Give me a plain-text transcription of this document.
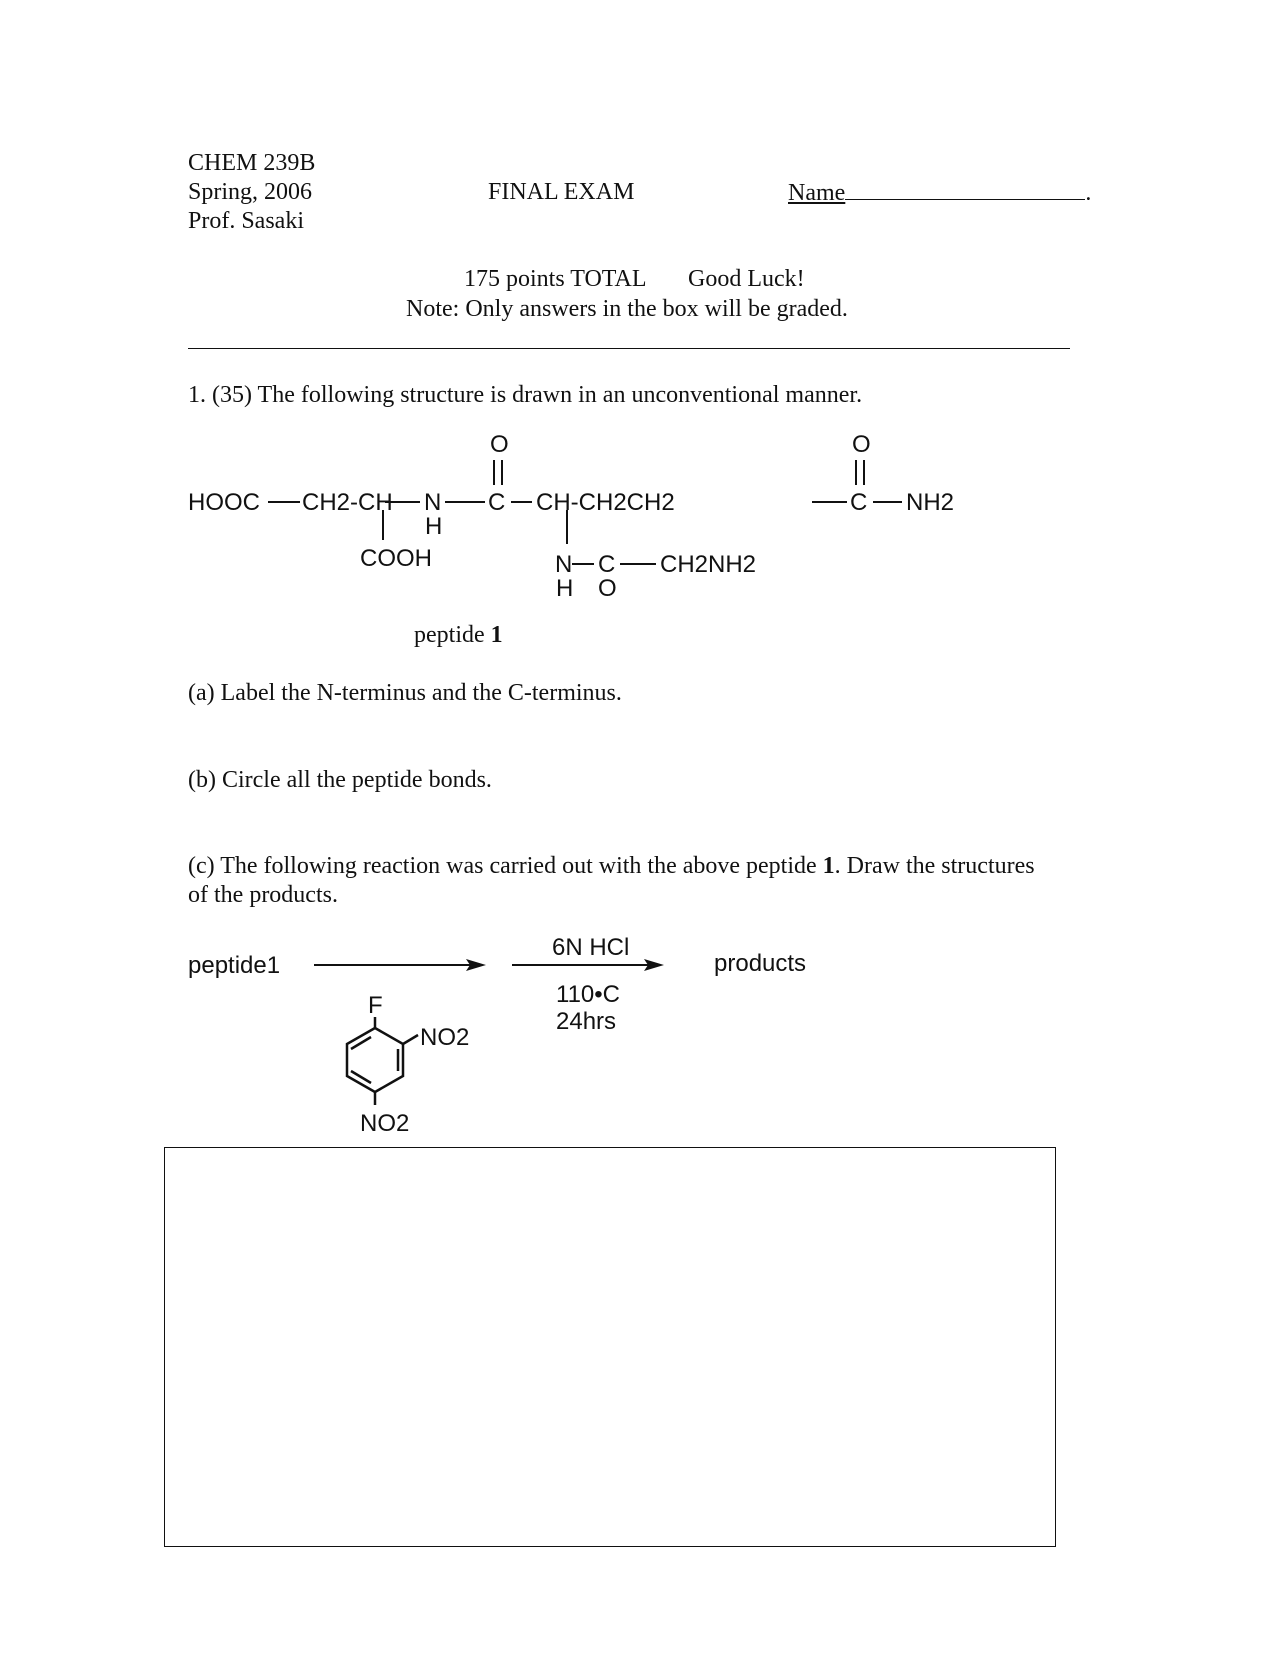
CHEM 239B
Spring, 2006
Prof. Sasaki
FINAL EXAM	Name	.
175 points TOTAL Good Luck!
Note: Only answers in the box will be graded.
1. (35) The following structure is drawn in an unconventional manner.
O	O
HOOC CH2-CH N
H
C CH-CH2CH2	C NH2
COOH	N
H
C
O
CH2NH2
peptide 1
(a) Label the N-terminus and the C-terminus.
(b) Circle all the peptide bonds.
(c) The following reaction was carried out with the above peptide 1. Draw the structures
of the products.
peptide1
6N HCl
110•C
24hrs
products
F
NO2
NO2
